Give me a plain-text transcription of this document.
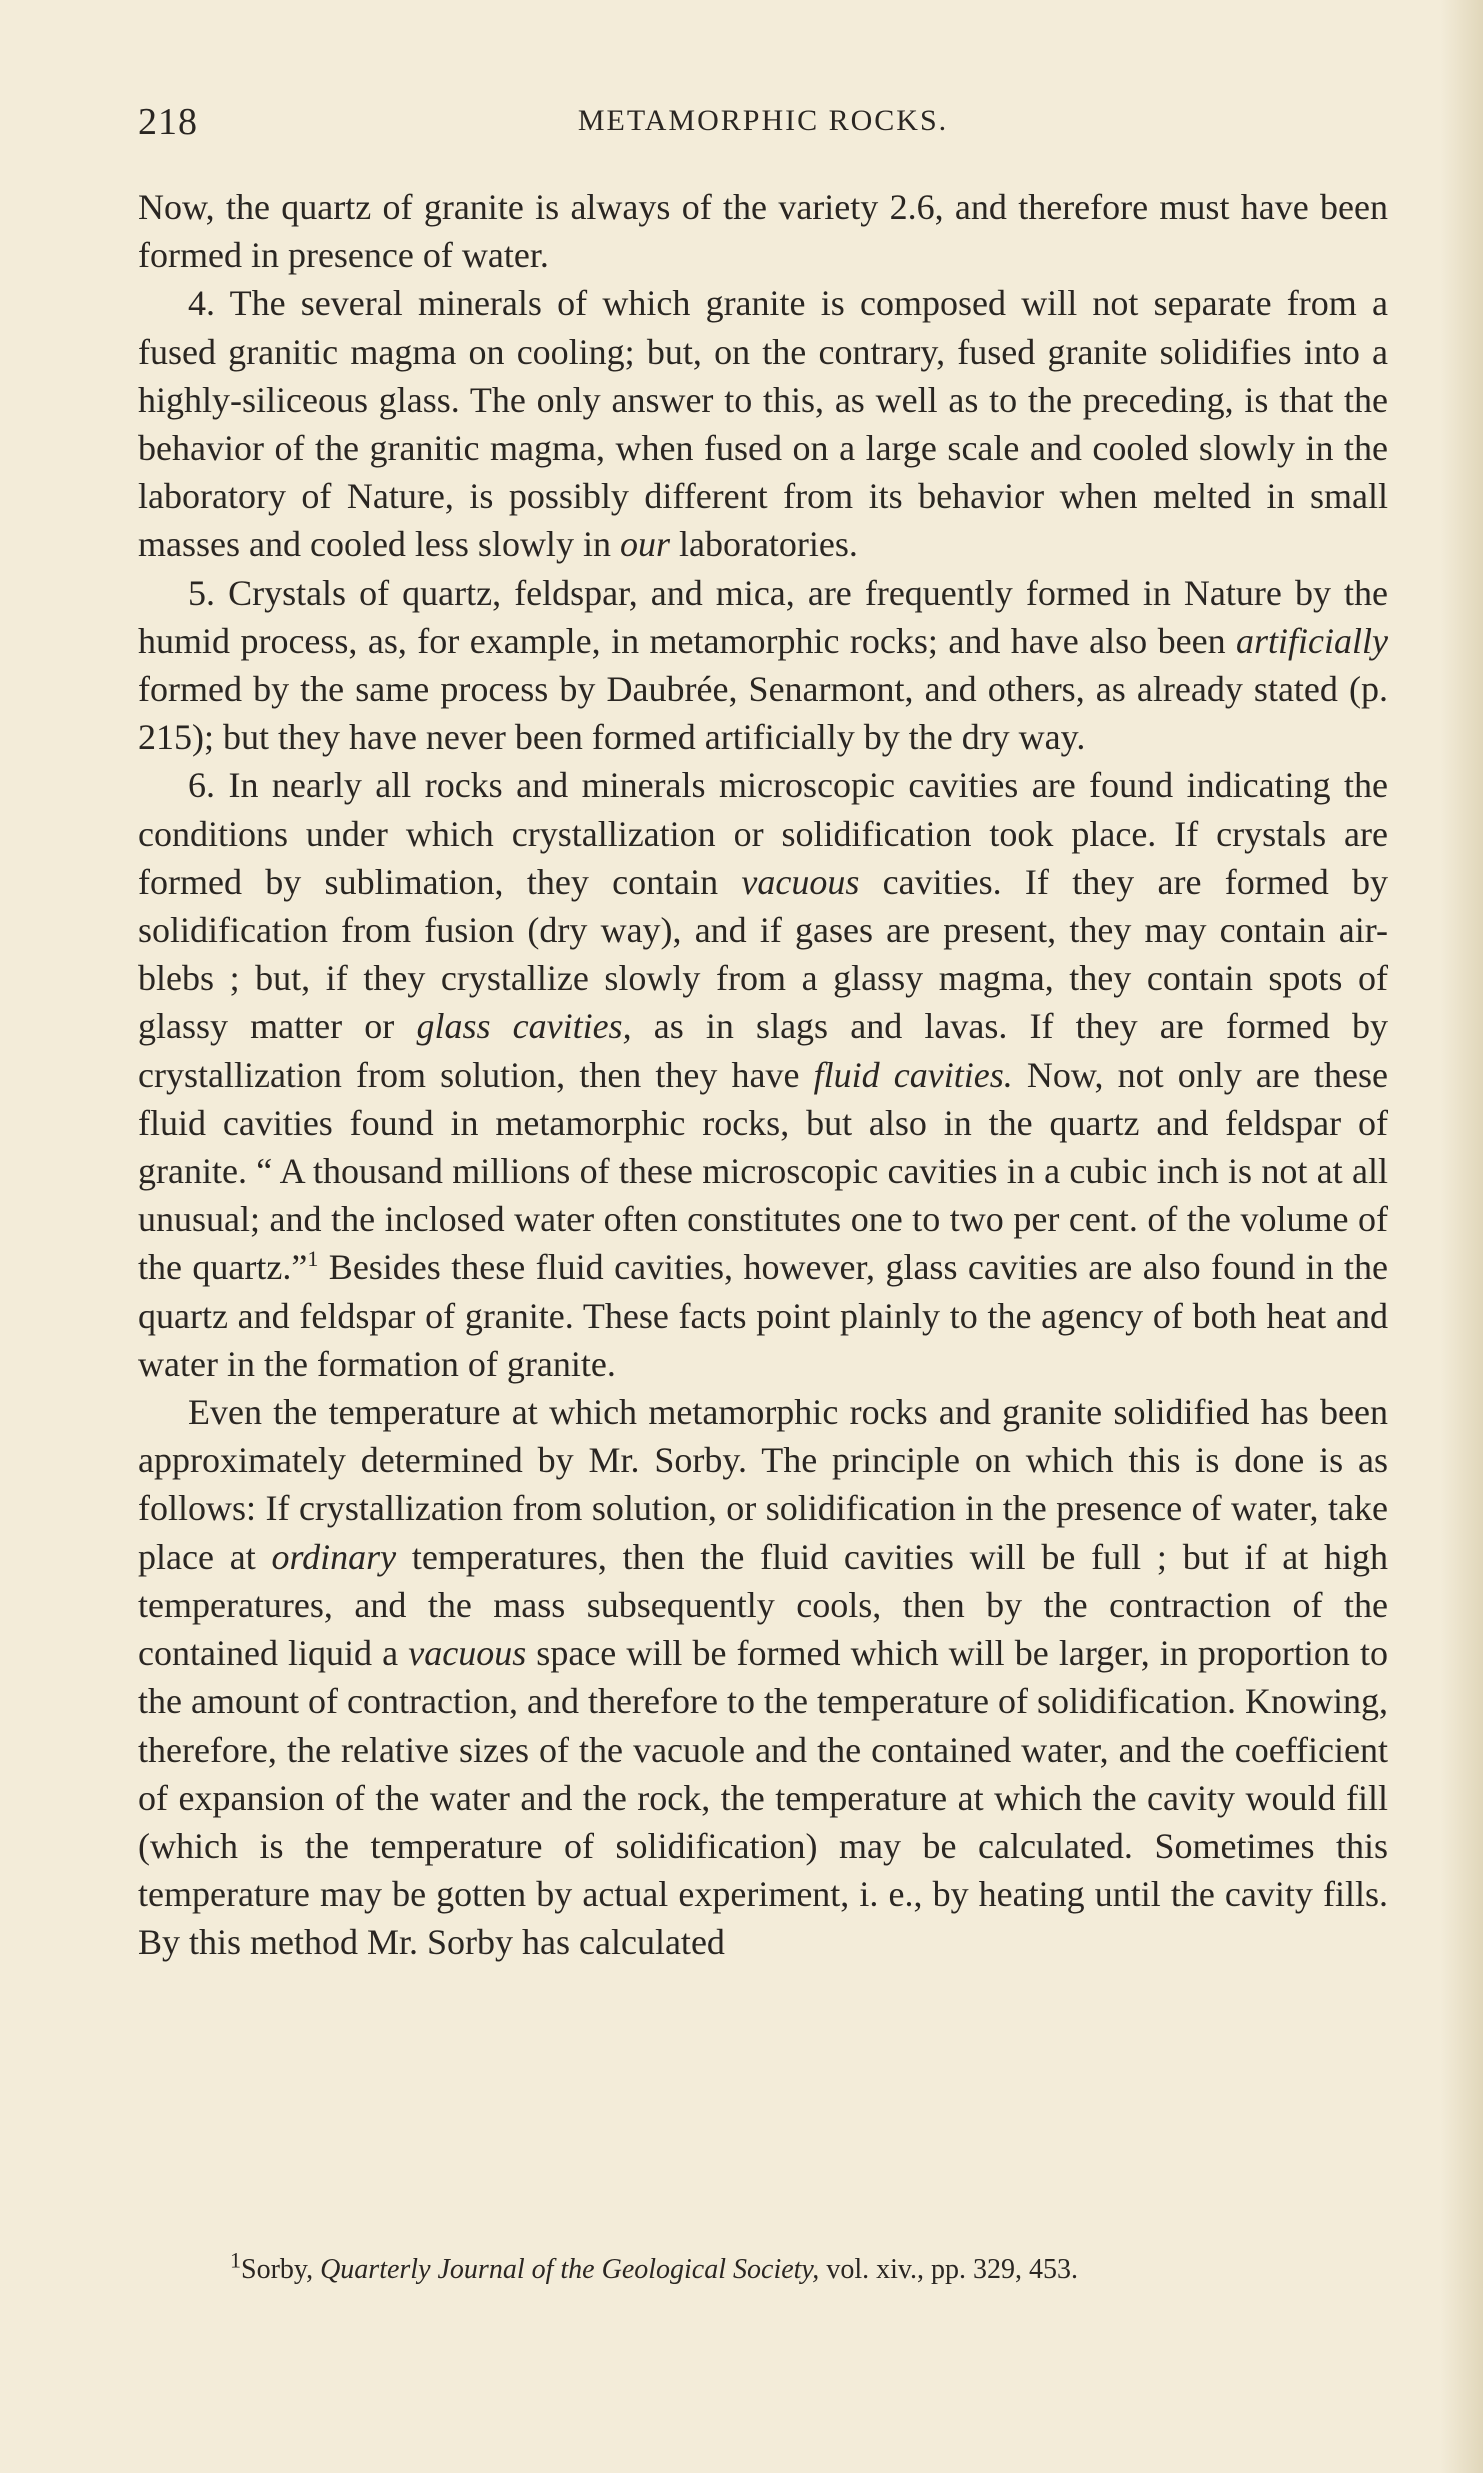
218	METAMORPHIC ROCKS.

Now, the quartz of granite is always of the variety 2.6, and therefore must have been formed in presence of water.

4. The several minerals of which granite is composed will not separate from a fused granitic magma on cooling; but, on the contrary, fused granite solidifies into a highly-siliceous glass. The only answer to this, as well as to the preceding, is that the behavior of the granitic magma, when fused on a large scale and cooled slowly in the laboratory of Nature, is possibly different from its behavior when melted in small masses and cooled less slowly in our laboratories.

5. Crystals of quartz, feldspar, and mica, are frequently formed in Nature by the humid process, as, for example, in metamorphic rocks; and have also been artificially formed by the same process by Daubrée, Senarmont, and others, as already stated (p. 215); but they have never been formed artificially by the dry way.

6. In nearly all rocks and minerals microscopic cavities are found indicating the conditions under which crystallization or solidification took place. If crystals are formed by sublimation, they contain vacuous cavities. If they are formed by solidification from fusion (dry way), and if gases are present, they may contain air-blebs ; but, if they crystallize slowly from a glassy magma, they contain spots of glassy matter or glass cavities, as in slags and lavas. If they are formed by crystallization from solution, then they have fluid cavities. Now, not only are these fluid cavities found in metamorphic rocks, but also in the quartz and feldspar of granite. “ A thousand millions of these microscopic cavities in a cubic inch is not at all unusual; and the inclosed water often constitutes one to two per cent. of the volume of the quartz.”$^1$ Besides these fluid cavities, however, glass cavities are also found in the quartz and feldspar of granite. These facts point plainly to the agency of both heat and water in the formation of granite.

Even the temperature at which metamorphic rocks and granite solidified has been approximately determined by Mr. Sorby. The principle on which this is done is as follows: If crystallization from solution, or solidification in the presence of water, take place at ordinary temperatures, then the fluid cavities will be full ; but if at high temperatures, and the mass subsequently cools, then by the contraction of the contained liquid a vacuous space will be formed which will be larger, in proportion to the amount of contraction, and therefore to the temperature of solidification. Knowing, therefore, the relative sizes of the vacuole and the contained water, and the coefficient of expansion of the water and the rock, the temperature at which the cavity would fill (which is the temperature of solidification) may be calculated. Sometimes this temperature may be gotten by actual experiment, i. e., by heating until the cavity fills. By this method Mr. Sorby has calculated

$^1$Sorby, Quarterly Journal of the Geological Society, vol. xiv., pp. 329, 453.
